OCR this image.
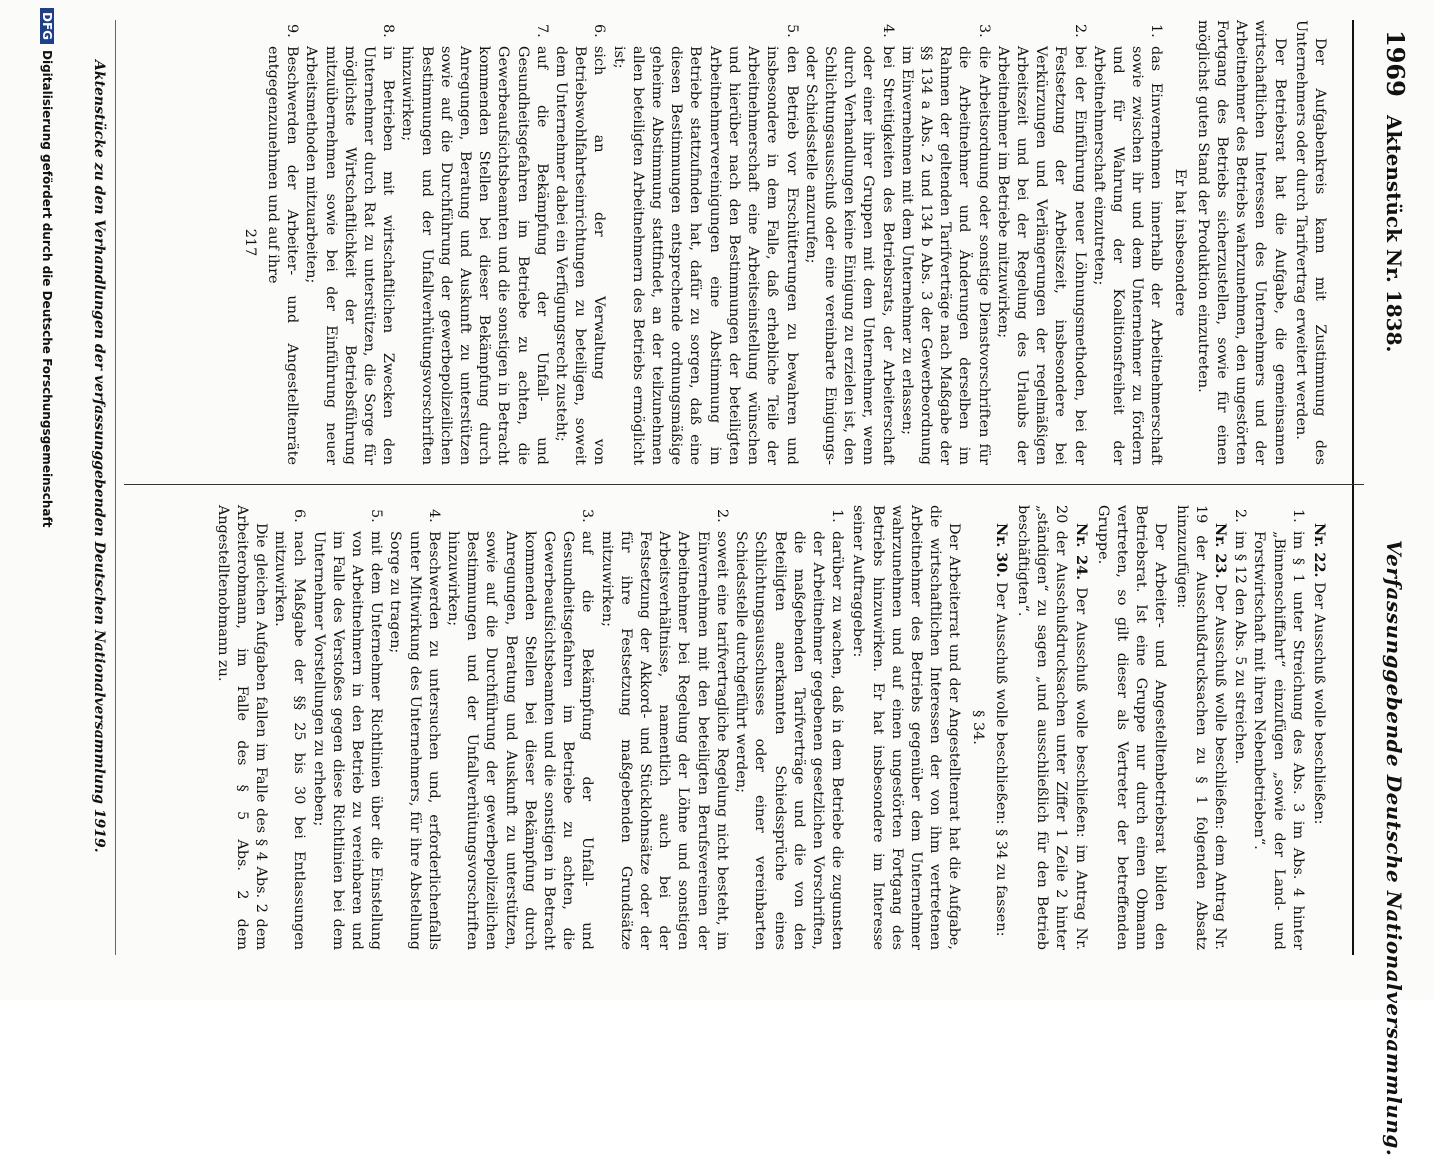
1969
Aktenstück Nr. 1838.
Verfassunggebende Deutsche Nationalversammlung.

Der Aufgabenkreis kann mit Zustimmung des Unternehmers oder durch Tarifvertrag erweitert werden.

Der Betriebsrat hat die Aufgabe, die gemeinsamen wirtschaftlichen Interessen des Unternehmers und der Arbeitnehmer des Betriebs wahrzunehmen, den ungestörten Fortgang des Betriebs sicherzustellen, sowie für einen möglichst guten Stand der Produktion einzutreten.

Er hat insbesondere

1.das Einvernehmen innerhalb der Arbeitnehmerschaft sowie zwischen ihr und dem Unternehmer zu fördern und für Wahrung der Koalitionsfreiheit der Arbeitnehmerschaft einzutreten;

2.bei der Einführung neuer Löhnungsmethoden, bei der Festsetzung der Arbeitszeit, insbesondere bei Verkürzungen und Verlängerungen der regelmäßigen Arbeitszeit und bei der Regelung des Urlaubs der Arbeitnehmer im Betriebe mitzuwirken;

3.die Arbeitsordnung oder sonstige Dienstvorschriften für die Arbeitnehmer und Änderungen derselben im Rahmen der geltenden Tarifverträge nach Maßgabe der §§ 134 a Abs. 2 und 134 b Abs. 3 der Gewerbeordnung im Einvernehmen mit dem Unternehmer zu erlassen;

4.bei Streitigkeiten des Betriebsrats, der Arbeiterschaft oder einer ihrer Gruppen mit dem Unternehmer, wenn durch Verhandlungen keine Einigung zu erzielen ist, den Schlichtungsausschuß oder eine vereinbarte Einigungs- oder Schiedsstelle anzurufen;

5.den Betrieb vor Erschütterungen zu bewahren und insbesondere in dem Falle, daß erhebliche Teile der Arbeitnehmerschaft eine Arbeitseinstellung wünschen und hierüber nach den Bestimmungen der beteiligten Arbeitnehmervereinigungen eine Abstimmung im Betriebe stattzufinden hat, dafür zu sorgen, daß eine diesen Bestimmungen entsprechende ordnungsmäßige geheime Abstimmung stattfindet, an der teilzunehmen allen beteiligten Arbeitnehmern des Betriebs ermöglicht ist;

6.sich an der Verwaltung von Betriebswohlfahrtseinrichtungen zu beteiligen, soweit dem Unternehmer dabei ein Verfügungsrecht zusteht;

7.auf die Bekämpfung der Unfall- und Gesundheitsgefahren im Betriebe zu achten, die Gewerbeaufsichtsbeamten und die sonstigen in Betracht kommenden Stellen bei dieser Bekämpfung durch Anregungen, Beratung und Auskunft zu unterstützen sowie auf die Durchführung der gewerbepolizeilichen Bestimmungen und der Unfallverhütungsvorschriften hinzuwirken;

8.in Betrieben mit wirtschaftlichen Zwecken den Unternehmer durch Rat zu unterstützen, die Sorge für möglichste Wirtschaftlichkeit der Betriebsführung mitzuübernehmen sowie bei der Einführung neuer Arbeitsmethoden mitzuarbeiten;

9.Beschwerden der Arbeiter- und Angestelltenräte entgegenzunehmen und auf ihre

217

Nr. 22. Der Ausschuß wolle beschließen:

1.im § 1 unter Streichung des Abs. 3 im Abs. 4 hinter „Binnenschiffahrt“ einzufügen „sowie der Land- und Forstwirtschaft mit ihren Nebenbetrieben“.

2.im § 12 den Abs. 5 zu streichen.

Nr. 23. Der Ausschuß wolle beschließen: dem Antrag Nr. 19 der Ausschußdrucksachen zu § 1 folgenden Absatz hinzuzufügen:

Der Arbeiter- und Angestelltenbetriebsrat bilden den Betriebsrat. Ist eine Gruppe nur durch einen Obmann vertreten, so gilt dieser als Vertreter der betreffenden Gruppe.

Nr. 24. Der Ausschuß wolle beschließen: im Antrag Nr. 20 der Ausschußdrucksachen unter Ziffer 1 Zeile 2 hinter „ständigen“ zu sagen „und ausschließlich für den Betrieb beschäftigten“.

Nr. 30. Der Ausschuß wolle beschließen: § 34 zu fassen:

§ 34.

Der Arbeiterrat und der Angestelltenrat hat die Aufgabe, die wirtschaftlichen Interessen der von ihm vertretenen Arbeitnehmer des Betriebs gegenüber dem Unternehmer wahrzunehmen und auf einen ungestörten Fortgang des Betriebs hinzuwirken. Er hat insbesondere im Interesse seiner Auftraggeber:

1.darüber zu wachen, daß in dem Betriebe die zugunsten der Arbeitnehmer gegebenen gesetzlichen Vorschriften, die maßgebenden Tarifverträge und die von den Beteiligten anerkannten Schiedssprüche eines Schlichtungsausschusses oder einer vereinbarten Schiedsstelle durchgeführt werden;

2.soweit eine tarifvertragliche Regelung nicht besteht, im Einvernehmen mit den beteiligten Berufsvereinen der Arbeitnehmer bei Regelung der Löhne und sonstigen Arbeitsverhältnisse, namentlich auch bei der Festsetzung der Akkord- und Stücklohnsätze oder der für ihre Festsetzung maßgebenden Grundsätze mitzuwirken;

3.auf die Bekämpfung der Unfall- und Gesundheitsgefahren im Betriebe zu achten, die Gewerbeaufsichtsbeamten und die sonstigen in Betracht kommenden Stellen bei dieser Bekämpfung durch Anregungen, Beratung und Auskunft zu unterstützen, sowie auf die Durchführung der gewerbepolizeilichen Bestimmungen und der Unfallverhütungsvorschriften hinzuwirken;

4.Beschwerden zu untersuchen und, erforderlichenfalls unter Mitwirkung des Unternehmers, für ihre Abstellung Sorge zu tragen;

5.mit dem Unternehmer Richtlinien über die Einstellung von Arbeitnehmern in den Betrieb zu vereinbaren und im Falle des Verstoßes gegen diese Richtlinien bei dem Unternehmer Vorstellungen zu erheben;

6.nach Maßgabe der §§ 25 bis 30 bei Entlassungen mitzuwirken.

Die gleichen Aufgaben fallen im Falle des § 4 Abs. 2 dem Arbeiterobmann, im Falle des § 5 Abs. 2 dem Angestelltenobmann zu.

Aktenstücke zu den Verhandlungen der verfassunggebenden Deutschen Nationalversammlung 1919.
DFGDigitalisierung gefördert durch die Deutsche Forschungsgemeinschaft
